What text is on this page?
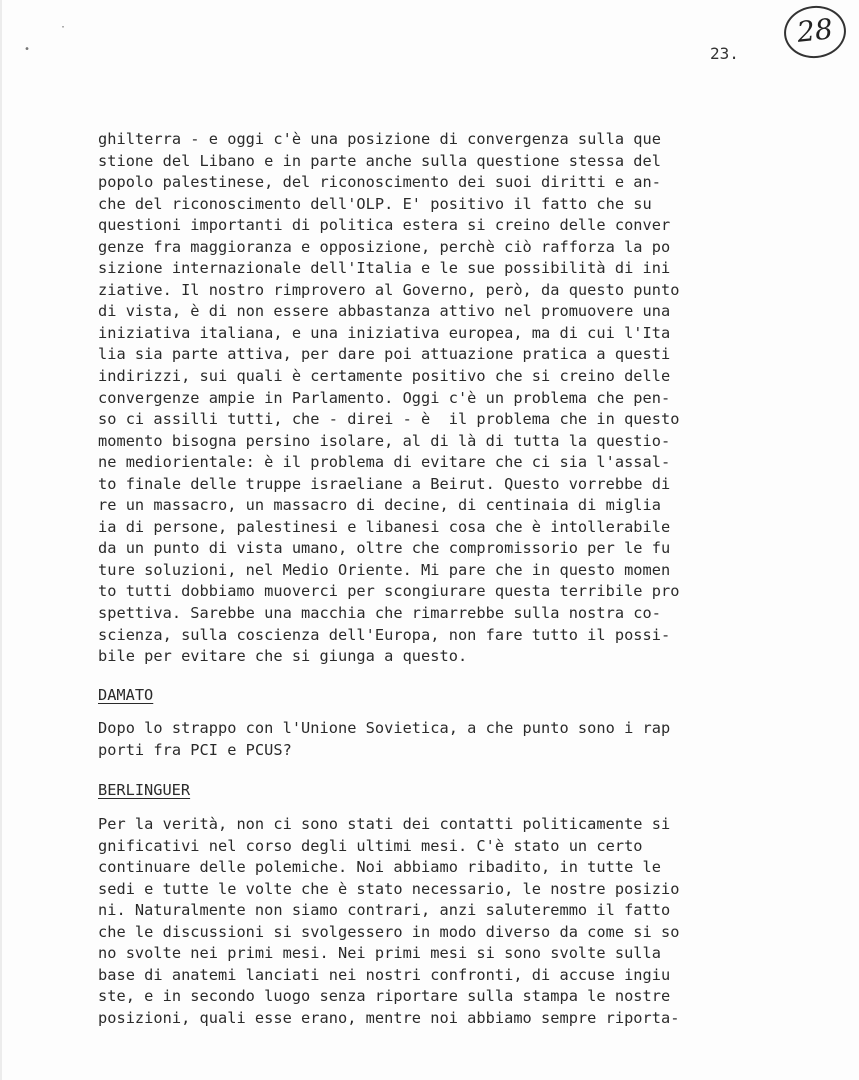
28
23.
·
•
ghilterra - e oggi c'è una posizione di convergenza sulla que
stione del Libano e in parte anche sulla questione stessa del
popolo palestinese, del riconoscimento dei suoi diritti e an-
che del riconoscimento dell'OLP. E' positivo il fatto che su
questioni importanti di politica estera si creino delle conver
genze fra maggioranza e opposizione, perchè ciò rafforza la po
sizione internazionale dell'Italia e le sue possibilità di ini
ziative. Il nostro rimprovero al Governo, però, da questo punto
di vista, è di non essere abbastanza attivo nel promuovere una
iniziativa italiana, e una iniziativa europea, ma di cui l'Ita
lia sia parte attiva, per dare poi attuazione pratica a questi
indirizzi, sui quali è certamente positivo che si creino delle
convergenze ampie in Parlamento. Oggi c'è un problema che pen-
so ci assilli tutti, che - direi - è  il problema che in questo
momento bisogna persino isolare, al di là di tutta la questio-
ne mediorientale: è il problema di evitare che ci sia l'assal-
to finale delle truppe israeliane a Beirut. Questo vorrebbe di
re un massacro, un massacro di decine, di centinaia di miglia
ia di persone, palestinesi e libanesi cosa che è intollerabile
da un punto di vista umano, oltre che compromissorio per le fu
ture soluzioni, nel Medio Oriente. Mi pare che in questo momen
to tutti dobbiamo muoverci per scongiurare questa terribile pro
spettiva. Sarebbe una macchia che rimarrebbe sulla nostra co-
scienza, sulla coscienza dell'Europa, non fare tutto il possi-
bile per evitare che si giunga a questo.
DAMATO
Dopo lo strappo con l'Unione Sovietica, a che punto sono i rap
porti fra PCI e PCUS?
BERLINGUER
Per la verità, non ci sono stati dei contatti politicamente si
gnificativi nel corso degli ultimi mesi. C'è stato un certo
continuare delle polemiche. Noi abbiamo ribadito, in tutte le
sedi e tutte le volte che è stato necessario, le nostre posizio
ni. Naturalmente non siamo contrari, anzi saluteremmo il fatto
che le discussioni si svolgessero in modo diverso da come si so
no svolte nei primi mesi. Nei primi mesi si sono svolte sulla
base di anatemi lanciati nei nostri confronti, di accuse ingiu
ste, e in secondo luogo senza riportare sulla stampa le nostre
posizioni, quali esse erano, mentre noi abbiamo sempre riporta-
